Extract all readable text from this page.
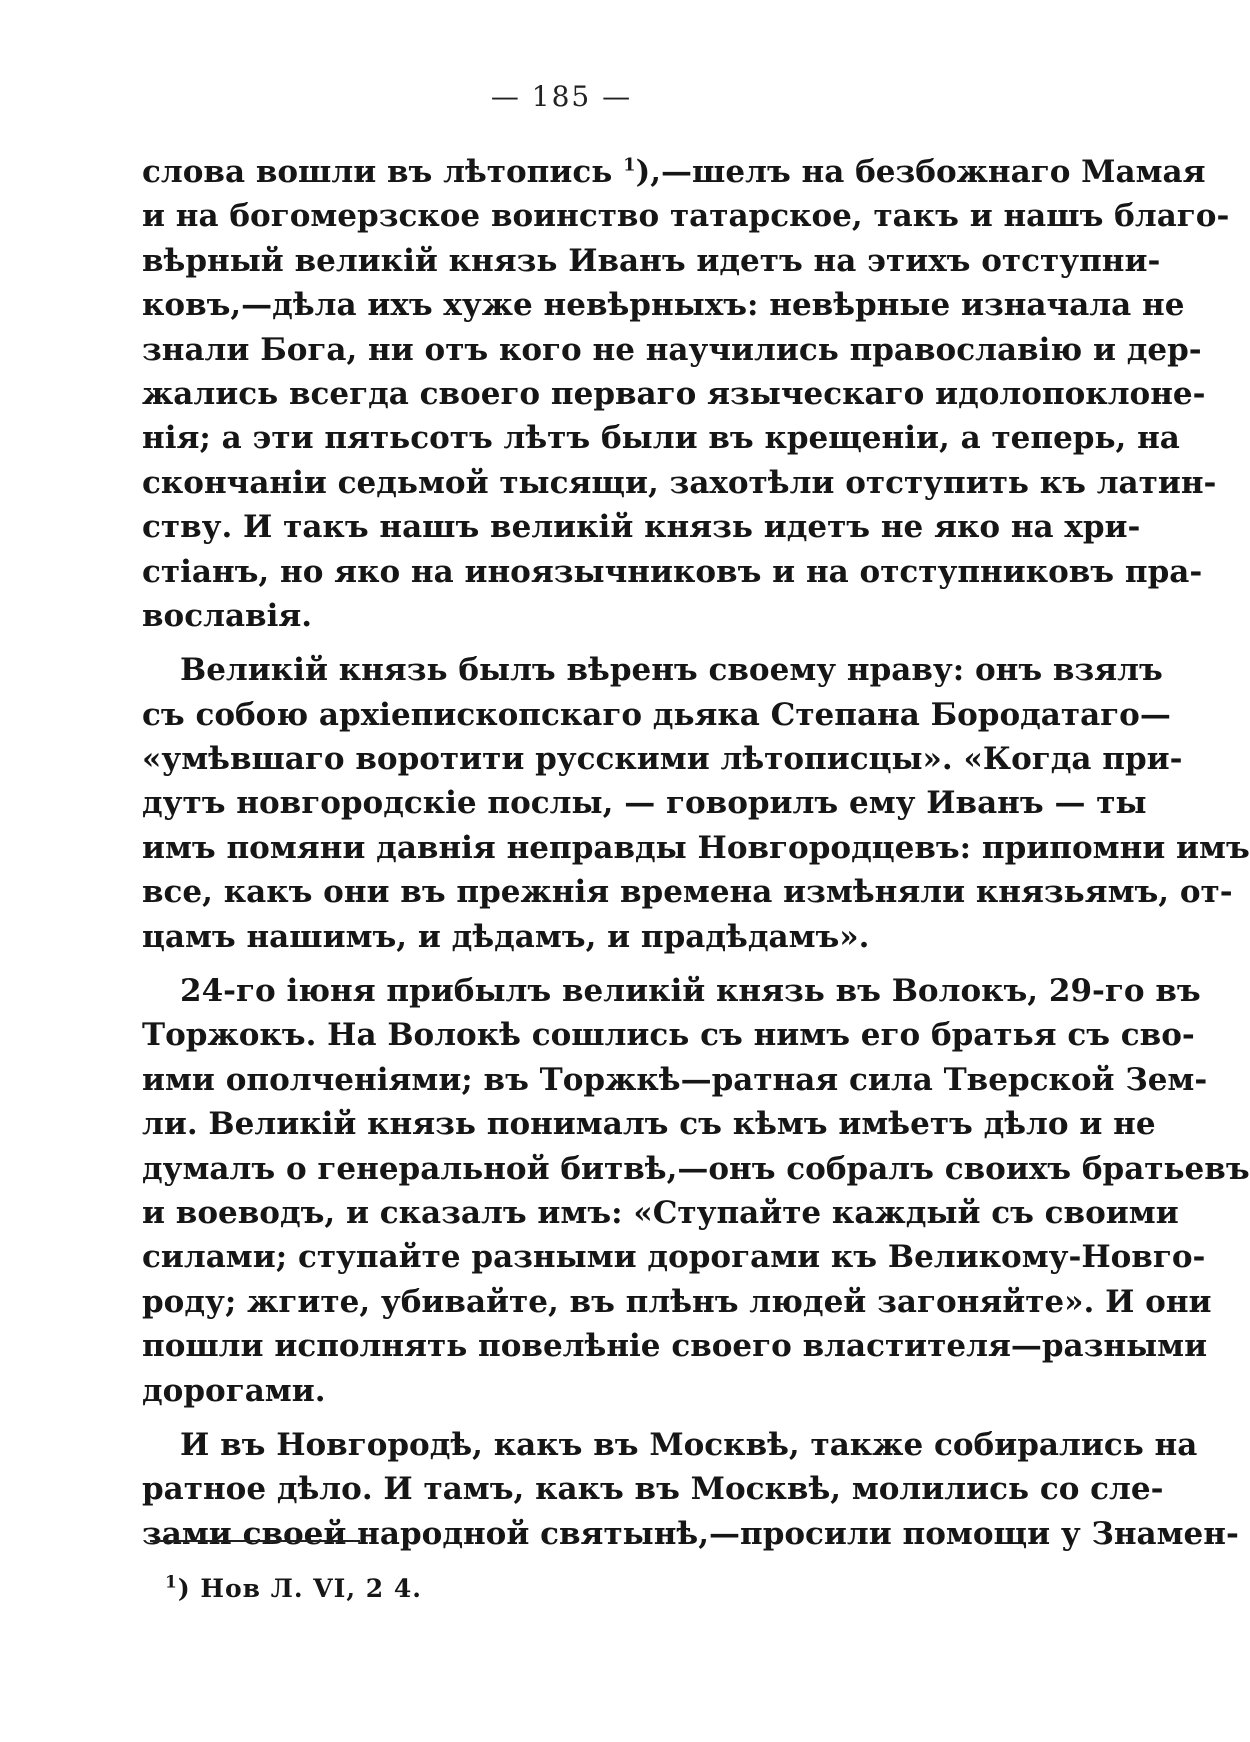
— 185 —
слова вошли въ лѣтопись $^1$),—шелъ на безбожнаго Мамая
и на богомерзское воинство татарское, такъ и нашъ благо-
вѣрный великій князь Иванъ идетъ на этихъ отступни-
ковъ,—дѣла ихъ хуже невѣрныхъ: невѣрные изначала не
знали Бога, ни отъ кого не научились православію и дер-
жались всегда своего перваго языческаго идолопоклоне-
нія; а эти пятьсотъ лѣтъ были въ крещеніи, а теперь, на
скончаніи седьмой тысящи, захотѣли отступить къ латин-
ству. И такъ нашъ великій князь идетъ не яко на хри-
стіанъ, но яко на иноязычниковъ и на отступниковъ пра-
вославія.
Великій князь былъ вѣренъ своему нраву: онъ взялъ
съ собою архіепископскаго дьяка Степана Бородатаго—
«умѣвшаго воротити русскими лѣтописцы». «Когда при-
дутъ новгородскіе послы, — говорилъ ему Иванъ — ты
имъ помяни давнія неправды Новгородцевъ: припомни имъ
все, какъ они въ прежнія времена измѣняли князьямъ, от-
цамъ нашимъ, и дѣдамъ, и прадѣдамъ».
24-го іюня прибылъ великій князь въ Волокъ, 29-го въ
Торжокъ. На Волокѣ сошлись съ нимъ его братья съ сво-
ими ополченіями; въ Торжкѣ—ратная сила Тверской Зем-
ли. Великій князь понималъ съ кѣмъ имѣетъ дѣло и не
думалъ о генеральной битвѣ,—онъ собралъ своихъ братьевъ
и воеводъ, и сказалъ имъ: «Ступайте каждый съ своими
силами; ступайте разными дорогами къ Великому-Новго-
роду; жгите, убивайте, въ плѣнъ людей загоняйте». И они
пошли исполнять повелѣніе своего властителя—разными
дорогами.
И въ Новгородѣ, какъ въ Москвѣ, также собирались на
ратное дѣло. И тамъ, какъ въ Москвѣ, молились со сле-
зами своей народной святынѣ,—просили помощи у Знамен-
$^1$) Нов Л. VI, 2 4.
